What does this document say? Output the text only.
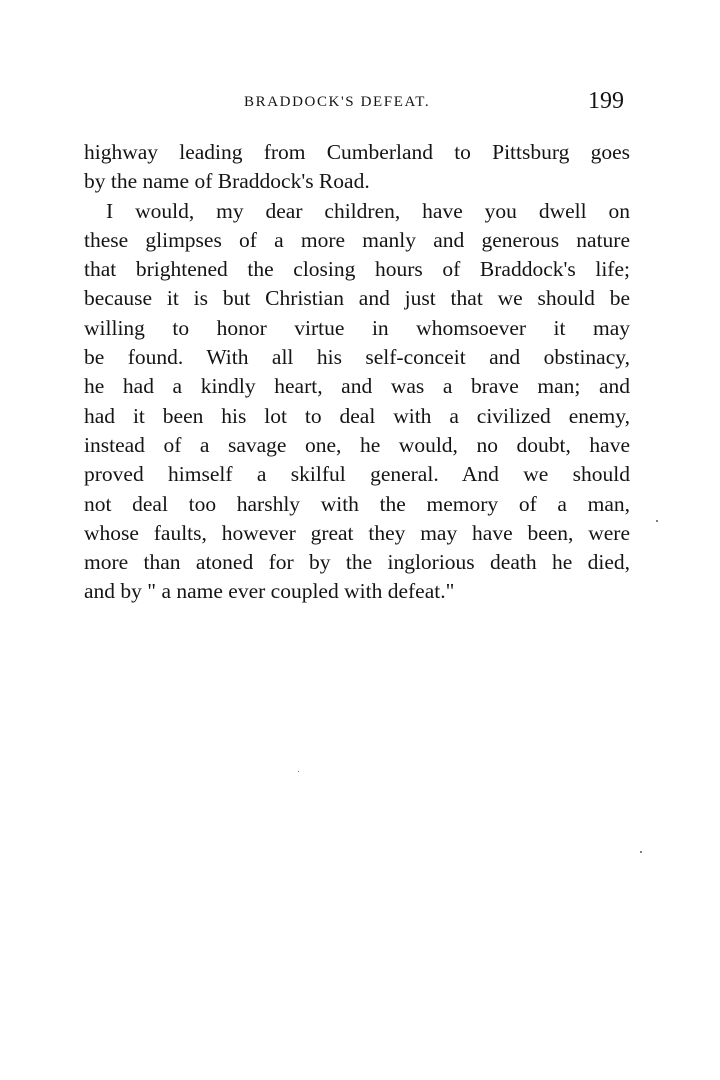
BRADDOCK'S DEFEAT.	199
highway leading from Cumberland to Pittsburg goes
by the name of Braddock's Road.
I would, my dear children, have you dwell on
these glimpses of a more manly and generous nature
that brightened the closing hours of Braddock's life;
because it is but Christian and just that we should be
willing to honor virtue in whomsoever it may
be found. With all his self-conceit and obstinacy,
he had a kindly heart, and was a brave man; and
had it been his lot to deal with a civilized enemy,
instead of a savage one, he would, no doubt, have
proved himself a skilful general. And we should
not deal too harshly with the memory of a man,
whose faults, however great they may have been, were
more than atoned for by the inglorious death he died,
and by " a name ever coupled with defeat."
